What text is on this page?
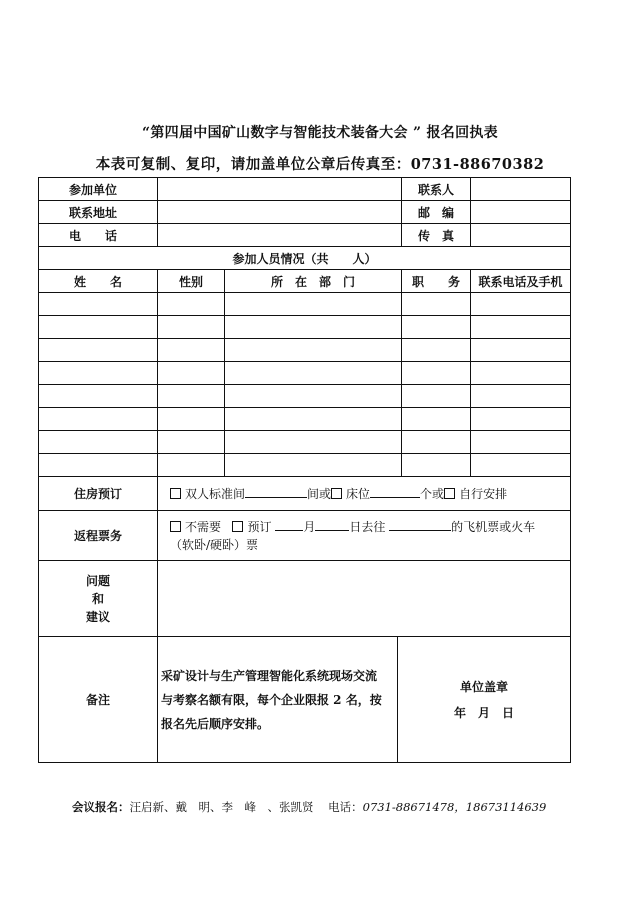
“第四届中国矿山数字与智能技术装备大会 ” 报名回执表
本表可复制、复印，请加盖单位公章后传真至：0731-88670382
参加单位			联系人	
联系地址			邮　编	
电　　话			传　真	
参加人员情况（共　　人）				
姓　　名	性别	所　在　部　门	职　　务	联系电话及手机

住房预订	双人标准间 间或 床位 个或 自行安排			
返程票务	不需要 预订 月 日去往 的飞机票或火车
（软卧/硬卧）票			

问题
和
建议				

备注	采矿设计与生产管理智能化系统现场交流
与考察名额有限，每个企业限报 2 名，按
报名先后顺序安排。
单位盖章
年　月　日			
会议报名：汪启新、戴　明、李　峰　、张凯贤 电话：0731-88671478，18673114639
